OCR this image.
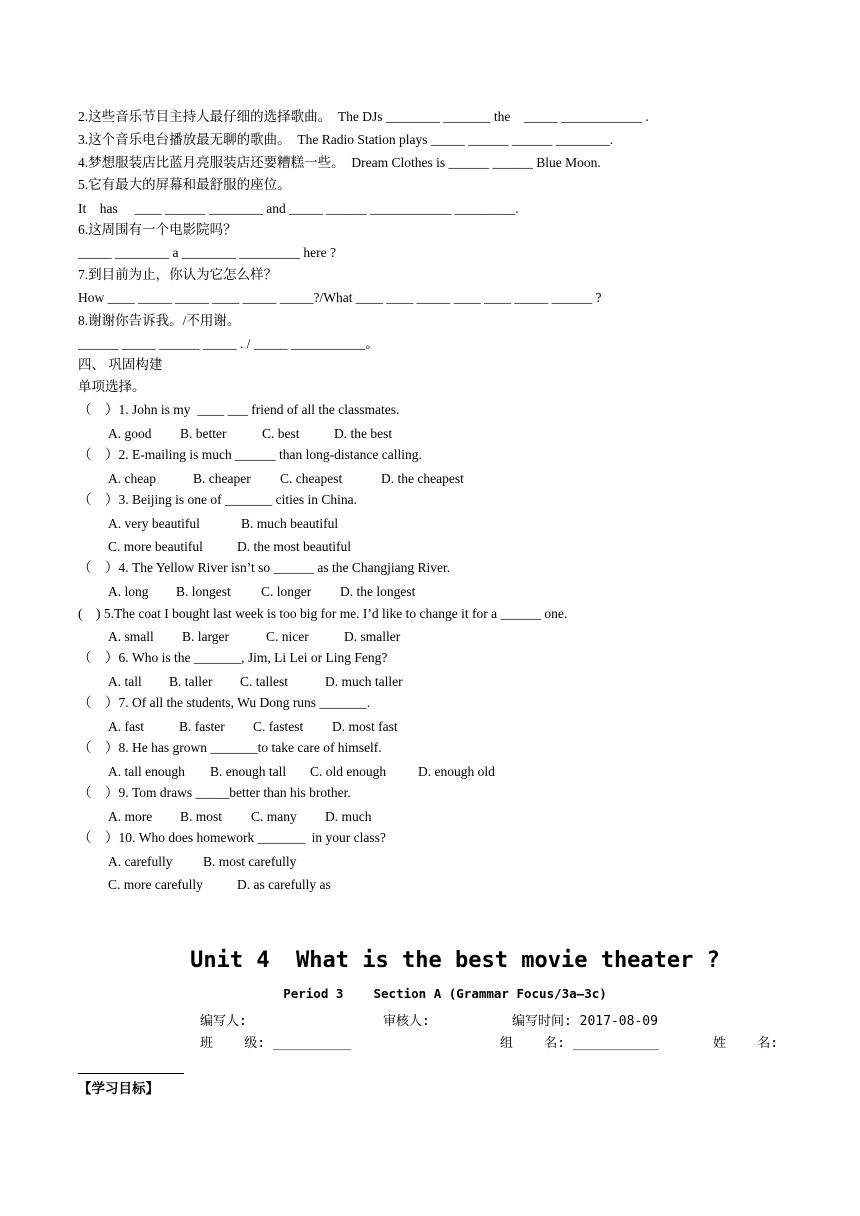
2.这些音乐节目主持人最仔细的选择歌曲。  The DJs ________ _______ the    _____ ____________ .
3.这个音乐电台播放最无聊的歌曲。  The Radio Station plays _____ ______ ______ ________.
4.梦想服装店比蓝月亮服装店还要糟糕一些。  Dream Clothes is ______ ______ Blue Moon.
5.它有最大的屏幕和最舒服的座位。
It    has     ____ ______ ________ and _____ ______ ____________ _________.
6.这周围有一个电影院吗？
_____ ________ a ________ _________ here ?
7.到目前为止，你认为它怎么样？
How ____ _____ _____ ____ _____ _____?/What ____ ____ _____ ____ ____ _____ ______ ?
8.谢谢你告诉我。/不用谢。
______ _____ ______ _____ . / _____ ___________。
四、 巩固构建
单项选择。
（    ）1. John is my  ____ ___ friend of all the classmates.
A. good B. better	C. best	D. the best
（    ）2. E-mailing is much ______ than long-distance calling.
A. cheap	B. cheaper C. cheapest	D. the cheapest
（    ）3. Beijing is one of _______ cities in China.
A. very beautiful	B. much beautiful
C. more beautiful	D. the most beautiful
（    ）4. The Yellow River isn’t so ______ as the Changjiang River.
A. long B. longest C. longer D. the longest
(    ) 5.The coat I bought last week is too big for me. I’d like to change it for a ______ one.
A. small B. larger	C. nicer	D. smaller
（    ）6. Who is the _______, Jim, Li Lei or Ling Feng?
A. tall B. taller C. tallest	D. much taller
（    ）7. Of all the students, Wu Dong runs _______.
A. fast	B. faster C. fastest D. most fast
（    ）8. He has grown _______to take care of himself.
A. tall enough B. enough tall C. old enough D. enough old
（    ）9. Tom draws _____better than his brother.
A. more B. most C. many D. much
（    ）10. Who does homework _______  in your class?
A. carefully B. most carefully
C. more carefully	D. as carefully as
Unit 4  What is the best movie theater ?
Period 3    Section A (Grammar Focus/3a—3c)
编写人:	审核人:	编写时间: 2017-08-09
班    级: __________	组    名: ___________	姓    名:
【学习目标】
